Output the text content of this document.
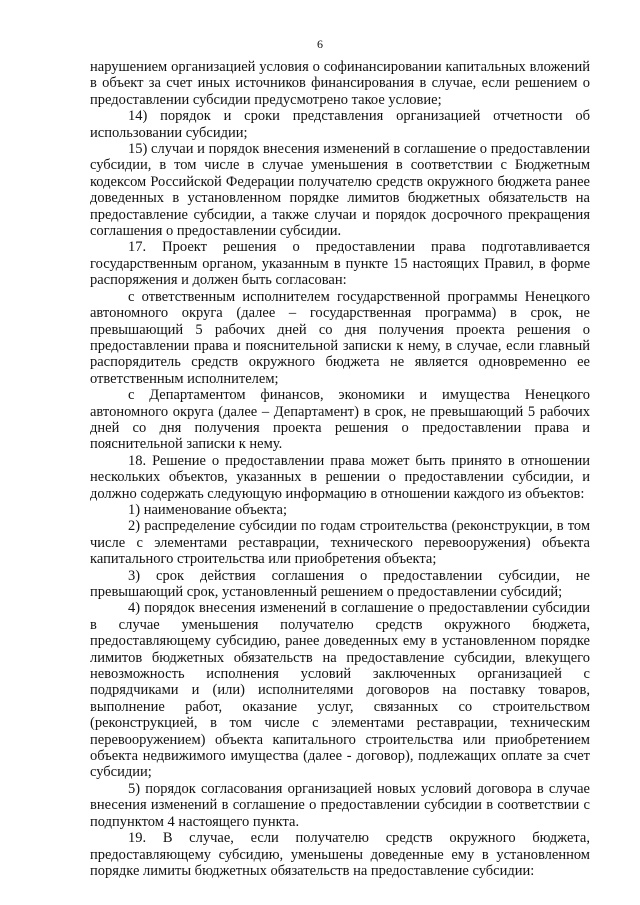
6

нарушением организацией условия о софинансировании капитальных вложений в объект за счет иных источников финансирования в случае, если решением о предоставлении субсидии предусмотрено такое условие;

14) порядок и сроки представления организацией отчетности об использовании субсидии;

15) случаи и порядок внесения изменений в соглашение о предоставлении субсидии, в том числе в случае уменьшения в соответствии с Бюджетным кодексом Российской Федерации получателю средств окружного бюджета ранее доведенных в установленном порядке лимитов бюджетных обязательств на предоставление субсидии, а также случаи и порядок досрочного прекращения соглашения о предоставлении субсидии.

17. Проект решения о предоставлении права подготавливается государственным органом, указанным в пункте 15 настоящих Правил, в форме распоряжения и должен быть согласован:

с ответственным исполнителем государственной программы Ненецкого автономного округа (далее – государственная программа) в срок, не превышающий 5 рабочих дней со дня получения проекта решения о предоставлении права и пояснительной записки к нему, в случае, если главный распорядитель средств окружного бюджета не является одновременно ее ответственным исполнителем;

с Департаментом финансов, экономики и имущества Ненецкого автономного округа (далее – Департамент) в срок, не превышающий 5 рабочих дней со дня получения проекта решения о предоставлении права и пояснительной записки к нему.

18. Решение о предоставлении права может быть принято в отношении нескольких объектов, указанных в решении о предоставлении субсидии, и должно содержать следующую информацию в отношении каждого из объектов:

1) наименование объекта;

2) распределение субсидии по годам строительства (реконструкции, в том числе с элементами реставрации, технического перевооружения) объекта капитального строительства или приобретения объекта;

3) срок действия соглашения о предоставлении субсидии, не превышающий срок, установленный решением о предоставлении субсидий;

4) порядок внесения изменений в соглашение о предоставлении субсидии в случае уменьшения получателю средств окружного бюджета, предоставляющему субсидию, ранее доведенных ему в установленном порядке лимитов бюджетных обязательств на предоставление субсидии, влекущего невозможность исполнения условий заключенных организацией с подрядчиками и (или) исполнителями договоров на поставку товаров, выполнение работ, оказание услуг, связанных со строительством (реконструкцией, в том числе с элементами реставрации, техническим перевооружением) объекта капитального строительства или приобретением объекта недвижимого имущества (далее - договор), подлежащих оплате за счет субсидии;

5) порядок согласования организацией новых условий договора в случае внесения изменений в соглашение о предоставлении субсидии в соответствии с подпунктом 4 настоящего пункта.

19. В случае, если получателю средств окружного бюджета, предоставляющему субсидию, уменьшены доведенные ему в установленном порядке лимиты бюджетных обязательств на предоставление субсидии:
